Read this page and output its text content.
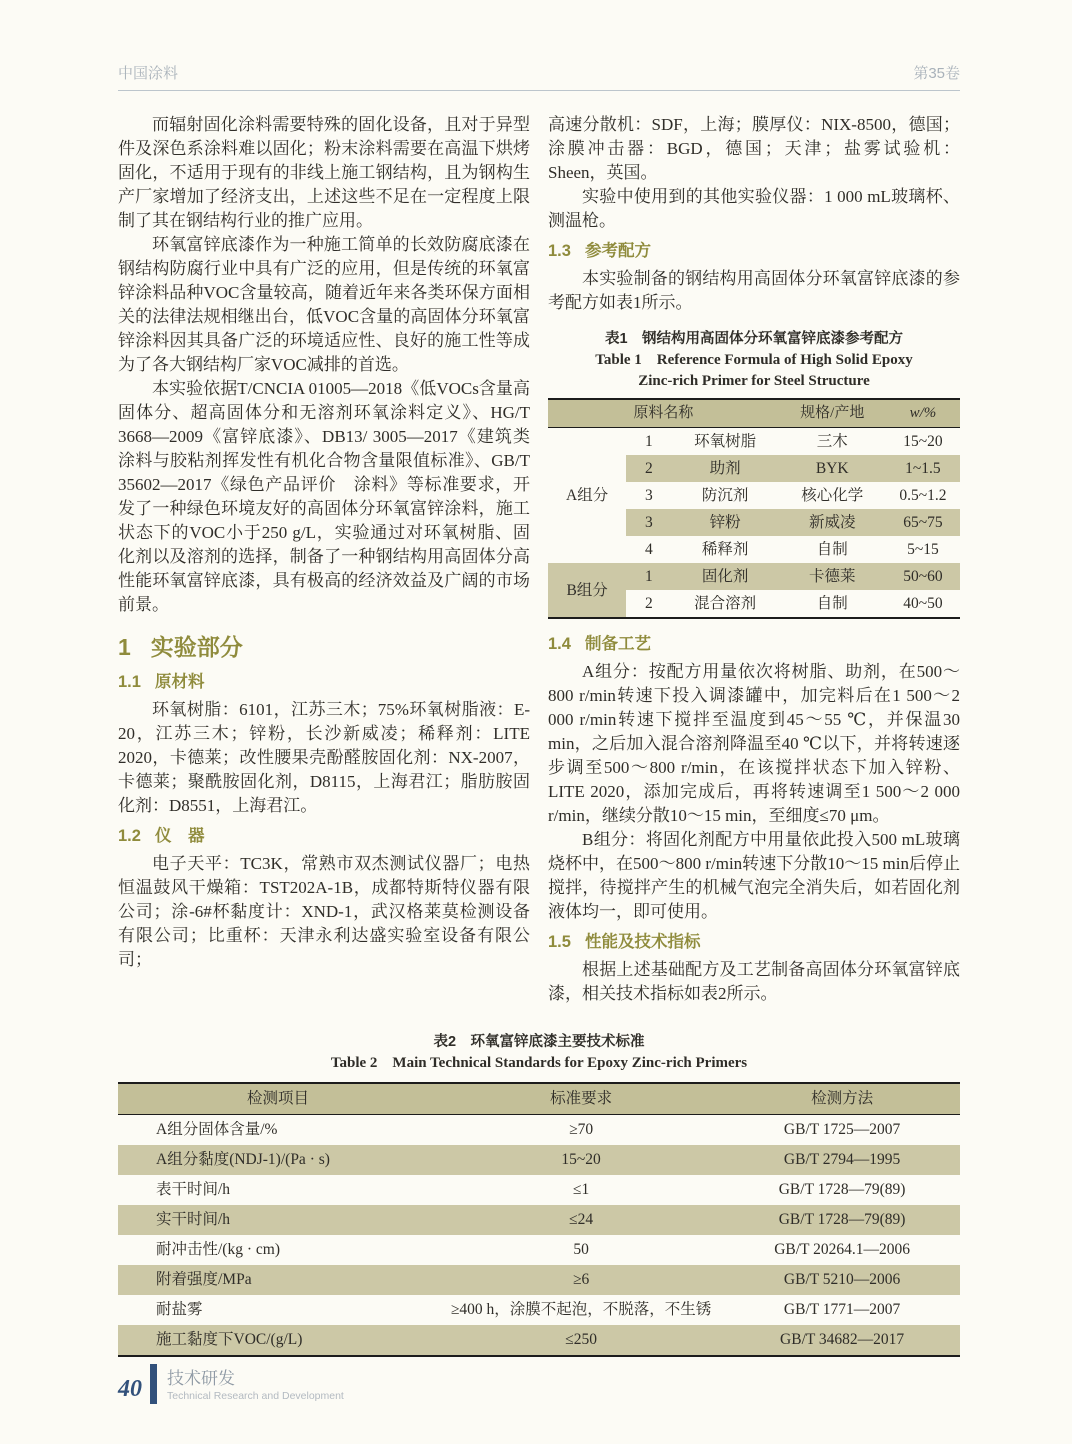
中国涂料	第35卷

而辐射固化涂料需要特殊的固化设备，且对于异型件及深色系涂料难以固化；粉末涂料需要在高温下烘烤固化，不适用于现有的非线上施工钢结构，且为钢构生产厂家增加了经济支出，上述这些不足在一定程度上限制了其在钢结构行业的推广应用。

环氧富锌底漆作为一种施工简单的长效防腐底漆在钢结构防腐行业中具有广泛的应用，但是传统的环氧富锌涂料品种VOC含量较高，随着近年来各类环保方面相关的法律法规相继出台，低VOC含量的高固体分环氧富锌涂料因其具备广泛的环境适应性、良好的施工性等成为了各大钢结构厂家VOC减排的首选。

本实验依据T/CNCIA 01005—2018《低VOCs含量高固体分、超高固体分和无溶剂环氧涂料定义》、HG/T 3668—2009《富锌底漆》、DB13/ 3005—2017《建筑类涂料与胶粘剂挥发性有机化合物含量限值标准》、GB/T 35602—2017《绿色产品评价　涂料》等标准要求，开发了一种绿色环境友好的高固体分环氧富锌涂料，施工状态下的VOC小于250 g/L，实验通过对环氧树脂、固化剂以及溶剂的选择，制备了一种钢结构用高固体分高性能环氧富锌底漆，具有极高的经济效益及广阔的市场前景。

1 实验部分
1.1 原材料

环氧树脂：6101，江苏三木；75%环氧树脂液：E-20，江苏三木；锌粉，长沙新威凌；稀释剂：LITE 2020，卡德莱；改性腰果壳酚醛胺固化剂：NX-2007，卡德莱；聚酰胺固化剂，D8115，上海君江；脂肪胺固化剂：D8551，上海君江。

1.2 仪　器

电子天平：TC3K，常熟市双杰测试仪器厂；电热恒温鼓风干燥箱：TST202A-1B，成都特斯特仪器有限公司；涂-6#杯黏度计：XND-1，武汉格莱莫检测设备有限公司；比重杯：天津永利达盛实验室设备有限公司；

高速分散机：SDF，上海；膜厚仪：NIX-8500，德国；涂膜冲击器：BGD，德国；天津；盐雾试验机：Sheen，英国。

实验中使用到的其他实验仪器：1 000 mL玻璃杯、测温枪。

1.3 参考配方

本实验制备的钢结构用高固体分环氧富锌底漆的参考配方如表1所示。

表1　钢结构用高固体分环氧富锌底漆参考配方
Table 1　Reference Formula of High Solid Epoxy
Zinc-rich Primer for Steel Structure
原料名称			规格/产地	w/%
A组分	1	环氧树脂	三木	15~20
	2	助剂	BYK	1~1.5
	3	防沉剂	核心化学	0.5~1.2
	3	锌粉	新威凌	65~75
	4	稀释剂	自制	5~15
B组分	1	固化剂	卡德莱	50~60
	2	混合溶剂	自制	40~50
1.4 制备工艺

A组分：按配方用量依次将树脂、助剂，在500～800 r/min转速下投入调漆罐中，加完料后在1 500～2 000 r/min转速下搅拌至温度到45～55 ℃，并保温30 min，之后加入混合溶剂降温至40 ℃以下，并将转速逐步调至500～800 r/min，在该搅拌状态下加入锌粉、LITE 2020，添加完成后，再将转速调至1 500～2 000 r/min，继续分散10～15 min，至细度≤70 μm。

B组分：将固化剂配方中用量依此投入500 mL玻璃烧杯中，在500～800 r/min转速下分散10～15 min后停止搅拌，待搅拌产生的机械气泡完全消失后，如若固化剂液体均一，即可使用。

1.5 性能及技术指标

根据上述基础配方及工艺制备高固体分环氧富锌底漆，相关技术指标如表2所示。

表2　环氧富锌底漆主要技术标准
Table 2　Main Technical Standards for Epoxy Zinc-rich Primers
检测项目	标准要求	检测方法
A组分固体含量/%	≥70	GB/T 1725—2007
A组分黏度(NDJ-1)/(Pa · s)	15~20	GB/T 2794—1995
表干时间/h	≤1	GB/T 1728—79(89)
实干时间/h	≤24	GB/T 1728—79(89)
耐冲击性/(kg · cm)	50	GB/T 20264.1—2006
附着强度/MPa	≥6	GB/T 5210—2006
耐盐雾	≥400 h，涂膜不起泡，不脱落，不生锈	GB/T 1771—2007
施工黏度下VOC/(g/L)	≤250	GB/T 34682—2017
40 技术研发
Technical Research and Development
